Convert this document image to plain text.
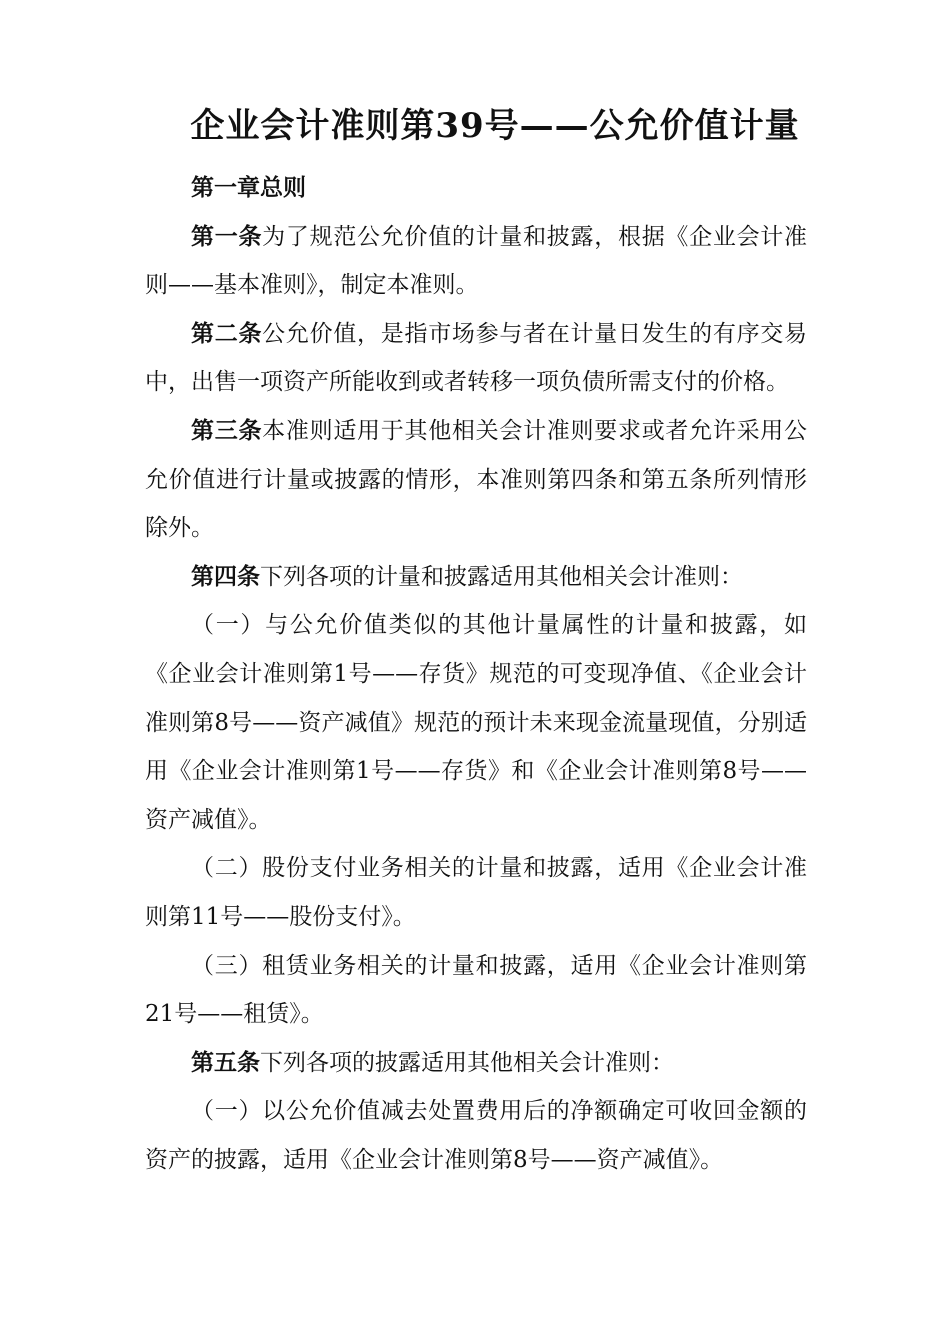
企业会计准则第39号——公允价值计量

第一章总则

第一条为了规范公允价值的计量和披露，根据《企业会计准则——基本准则》，制定本准则。

第二条公允价值，是指市场参与者在计量日发生的有序交易中，出售一项资产所能收到或者转移一项负债所需支付的价格。

第三条本准则适用于其他相关会计准则要求或者允许采用公允价值进行计量或披露的情形，本准则第四条和第五条所列情形除外。

第四条下列各项的计量和披露适用其他相关会计准则：

（一）与公允价值类似的其他计量属性的计量和披露，如《企业会计准则第1号——存货》规范的可变现净值、《企业会计准则第8号——资产减值》规范的预计未来现金流量现值，分别适用《企业会计准则第1号——存货》和《企业会计准则第8号——资产减值》。

（二）股份支付业务相关的计量和披露，适用《企业会计准则第11号——股份支付》。

（三）租赁业务相关的计量和披露，适用《企业会计准则第21号——租赁》。

第五条下列各项的披露适用其他相关会计准则：

（一）以公允价值减去处置费用后的净额确定可收回金额的资产的披露，适用《企业会计准则第8号——资产减值》。
